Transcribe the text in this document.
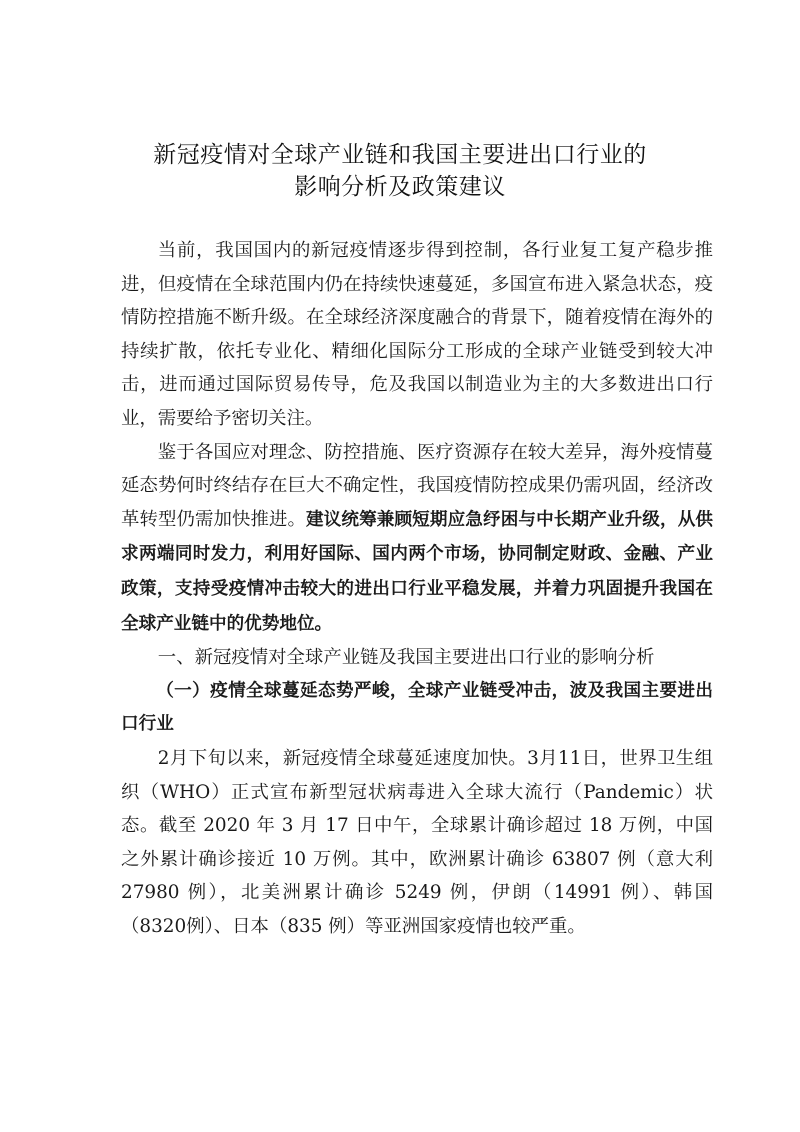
新冠疫情对全球产业链和我国主要进出口行业的
影响分析及政策建议

当前，我国国内的新冠疫情逐步得到控制，各行业复工复产稳步推进，但疫情在全球范围内仍在持续快速蔓延，多国宣布进入紧急状态，疫情防控措施不断升级。在全球经济深度融合的背景下，随着疫情在海外的持续扩散，依托专业化、精细化国际分工形成的全球产业链受到较大冲击，进而通过国际贸易传导，危及我国以制造业为主的大多数进出口行业，需要给予密切关注。

鉴于各国应对理念、防控措施、医疗资源存在较大差异，海外疫情蔓延态势何时终结存在巨大不确定性，我国疫情防控成果仍需巩固，经济改革转型仍需加快推进。建议统筹兼顾短期应急纾困与中长期产业升级，从供求两端同时发力，利用好国际、国内两个市场，协同制定财政、金融、产业政策，支持受疫情冲击较大的进出口行业平稳发展，并着力巩固提升我国在全球产业链中的优势地位。

一、新冠疫情对全球产业链及我国主要进出口行业的影响分析

（一）疫情全球蔓延态势严峻，全球产业链受冲击，波及我国主要进出口行业

2月下旬以来，新冠疫情全球蔓延速度加快。3月11日，世界卫生组织（WHO）正式宣布新型冠状病毒进入全球大流行（Pandemic）状态。截至 2020 年 3 月 17 日中午，全球累计确诊超过 18 万例，中国之外累计确诊接近 10 万例。其中，欧洲累计确诊 63807 例（意大利 27980 例），北美洲累计确诊 5249 例，伊朗（14991 例）、韩国（8320例）、日本（835 例）等亚洲国家疫情也较严重。
